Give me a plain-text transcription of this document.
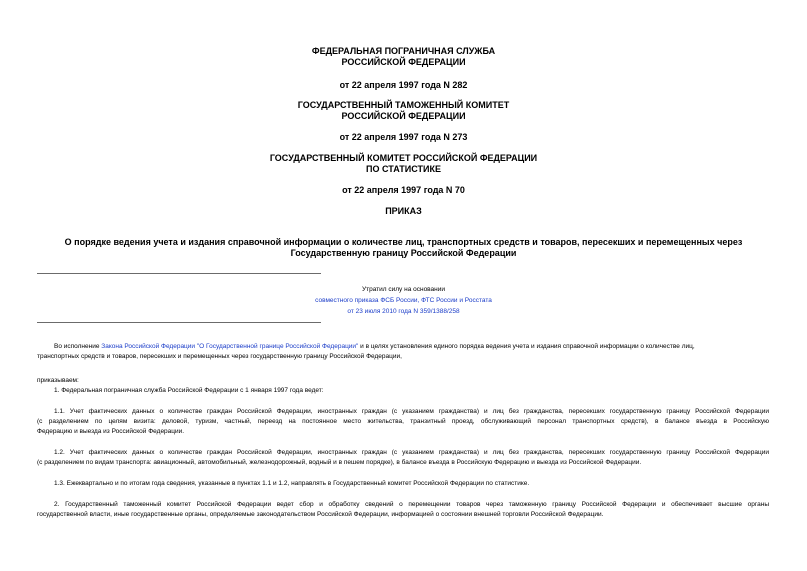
ФЕДЕРАЛЬНАЯ ПОГРАНИЧНАЯ СЛУЖБА
РОССИЙСКОЙ ФЕДЕРАЦИИ
от 22 апреля 1997 года N 282
ГОСУДАРСТВЕННЫЙ ТАМОЖЕННЫЙ КОМИТЕТ
РОССИЙСКОЙ ФЕДЕРАЦИИ
от 22 апреля 1997 года N 273
ГОСУДАРСТВЕННЫЙ КОМИТЕТ РОССИЙСКОЙ ФЕДЕРАЦИИ
ПО СТАТИСТИКЕ
от 22 апреля 1997 года N 70
ПРИКАЗ
О порядке ведения учета и издания справочной информации о количестве лиц, транспортных средств и товаров, пересекших и перемещенных через
Государственную границу Российской Федерации
Утратил силу на основании
совместного приказа ФСБ России, ФТС России и Росстата
от 23 июля 2010 года N 359/1388/258
Во исполнение Закона Российской Федерации "О Государственной границе Российской Федерации" и в целях установления единого порядка ведения учета и издания справочной информации о количестве лиц,
транспортных средств и товаров, пересекших и перемещенных через государственную границу Российской Федерации,
приказываем:
1. Федеральная пограничная служба Российской Федерации с 1 января 1997 года ведет:
1.1. Учет фактических данных о количестве граждан Российской Федерации, иностранных граждан (с указанием гражданства) и лиц без гражданства, пересекших государственную границу Российской Федерации
(с разделением по целям визита: деловой, туризм, частный, переезд на постоянное место жительства, транзитный проезд, обслуживающий персонал транспортных средств), в балансе въезда в Российскую
Федерацию и выезда из Российской Федерации.
1.2. Учет фактических данных о количестве граждан Российской Федерации, иностранных граждан (с указанием гражданства) и лиц без гражданства, пересекших государственную границу Российской Федерации
(с разделением по видам транспорта: авиационный, автомобильный, железнодорожный, водный и в пешем порядке), в балансе въезда в Российскую Федерацию и выезда из Российской Федерации.
1.3. Ежеквартально и по итогам года сведения, указанные в пунктах 1.1 и 1.2, направлять в Государственный комитет Российской Федерации по статистике.
2. Государственный таможенный комитет Российской Федерации ведет сбор и обработку сведений о перемещении товаров через таможенную границу Российской Федерации и обеспечивает высшие органы
государственной власти, иные государственные органы, определяемые законодательством Российской Федерации, информацией о состоянии внешней торговли Российской Федерации.
